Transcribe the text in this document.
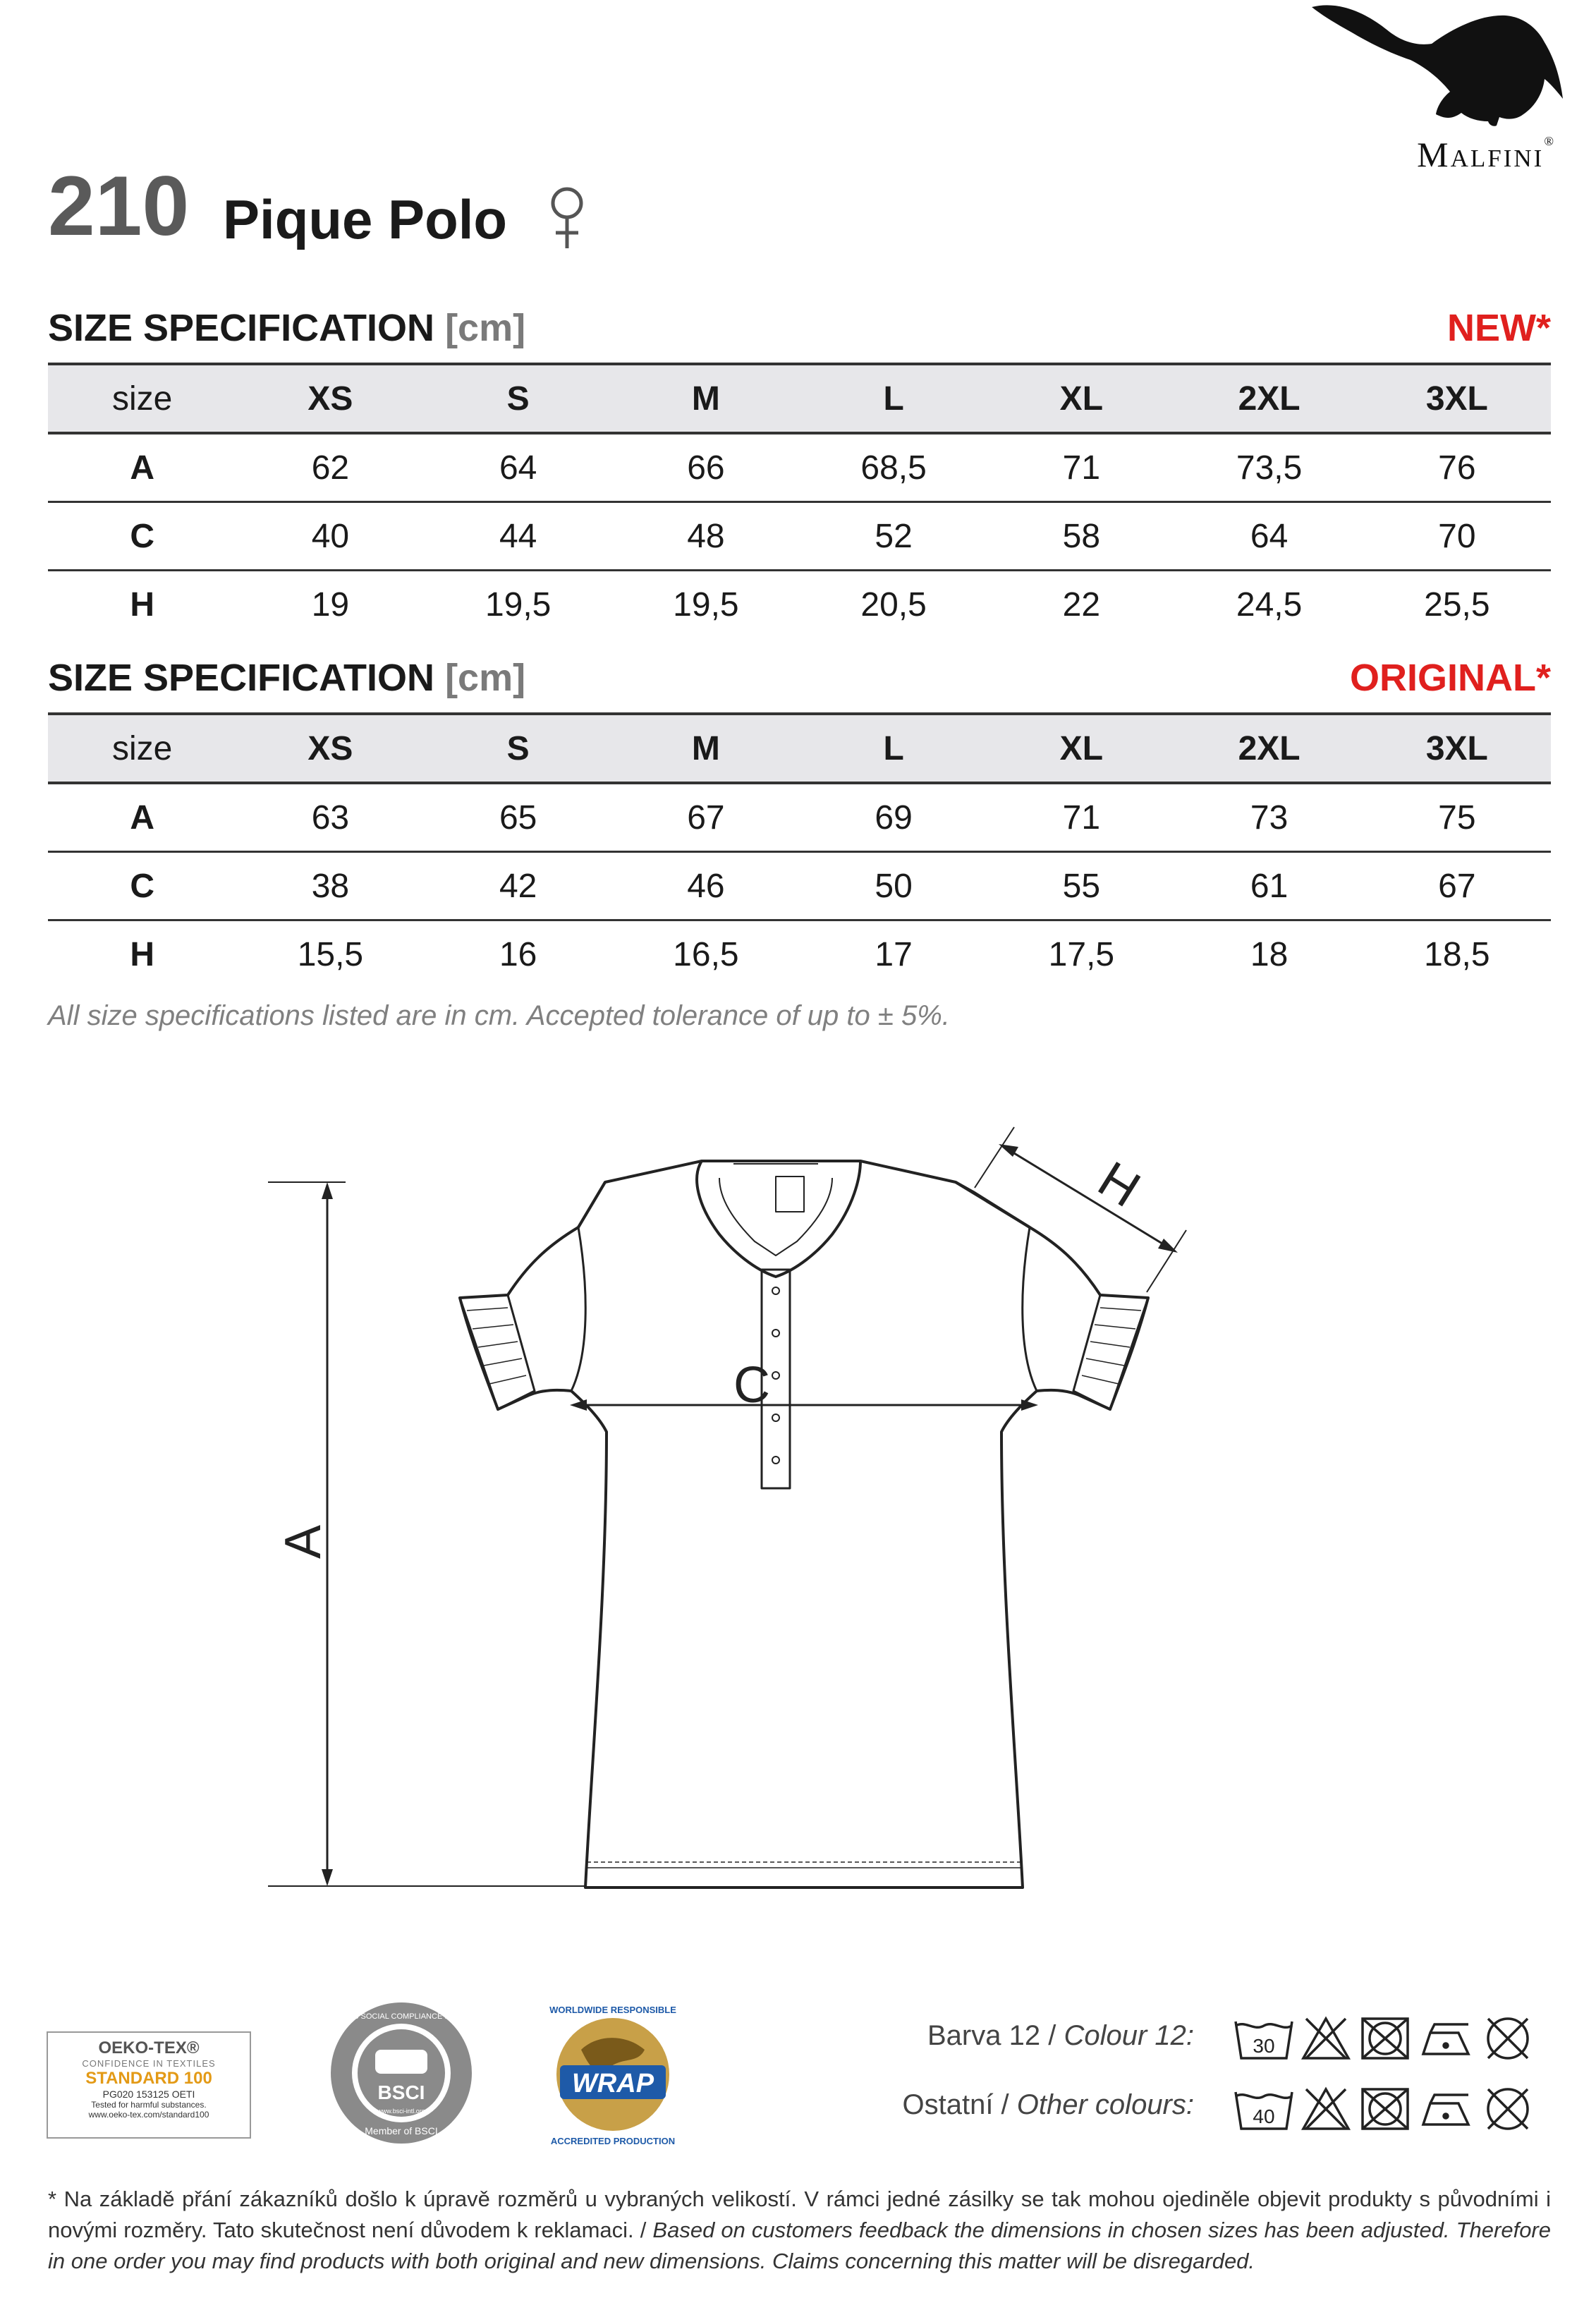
Malfini®
210 Pique Polo
SIZE SPECIFICATION [cm]	NEW*
size	XS	S	M	L	XL	2XL	3XL
A	62	64	66	68,5	71	73,5	76
C	40	44	48	52	58	64	70
H	19	19,5	19,5	20,5	22	24,5	25,5
SIZE SPECIFICATION [cm]	ORIGINAL*
size	XS	S	M	L	XL	2XL	3XL
A	63	65	67	69	71	73	75
C	38	42	46	50	55	61	67
H	15,5	16	16,5	17	17,5	18	18,5
All size specifications listed are in cm. Accepted tolerance of up to ± 5%.
C
A
H
OEKO-TEX®
CONFIDENCE IN TEXTILES
STANDARD 100
PG020 153125 OETI
Tested for harmful substances.
www.oeko-tex.com/standard100
BSCI
BUSINESS SOCIAL COMPLIANCE INITIATIVE
www.bsci-intl.org
Member of BSCI
WRAP
WORLDWIDE RESPONSIBLE
ACCREDITED PRODUCTION
Barva 12 / Colour 12:
Ostatní / Other colours:
30
40
* Na základě přání zákazníků došlo k úpravě rozměrů u vybraných velikostí. V rámci jedné zásilky se tak mohou ojediněle objevit produkty s původními i novými rozměry. Tato skutečnost není důvodem k reklamaci. / Based on customers feedback the dimensions in chosen sizes has been adjusted. Therefore in one order you may find products with both original and new dimensions. Claims concerning this matter will be disregarded.
